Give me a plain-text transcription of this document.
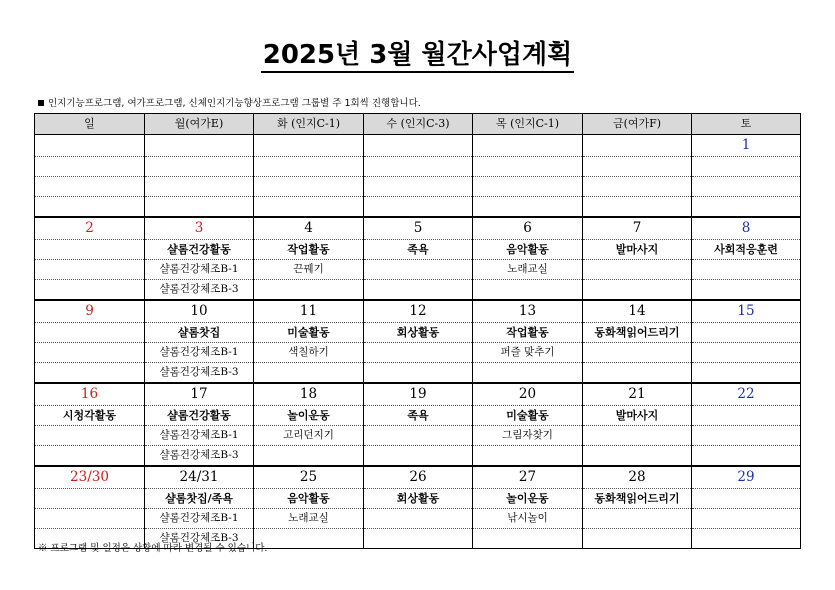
2025년 3월 월간사업계획
인지기능프로그램, 여가프로그램, 신체인지기능향상프로그램 그룹별 주 1회씩 진행합니다.
일	월(여가E)	화 (인지C-1)	수 (인지C-3)	목 (인지C-1)	금(여가F)	토
						1

2	3	4	5	6	7	8
	샬롬건강활동	작업활동	족욕	음악활동	발마사지	사회적응훈련
	샬롬건강체조B-1	끈꿰기		노래교실		
	샬롬건강체조B-3					
9	10	11	12	13	14	15
	샬롬찻집	미술활동	회상활동	작업활동	동화책읽어드리기	
	샬롬건강체조B-1	색칠하기		퍼즐 맞추기		
	샬롬건강체조B-3					
16	17	18	19	20	21	22
시청각활동	샬롬건강활동	놀이운동	족욕	미술활동	발마사지	
	샬롬건강체조B-1	고리던지기		그림자찾기		
	샬롬건강체조B-3					
23/30	24/31	25	26	27	28	29
	샬롬찻집/족욕	음악활동	회상활동	놀이운동	동화책읽어드리기	
	샬롬건강체조B-1	노래교실		낚시놀이		
	샬롬건강체조B-3					
※ 프로그램 및 일정은 상황에 따라 변경될 수 있습니다.
